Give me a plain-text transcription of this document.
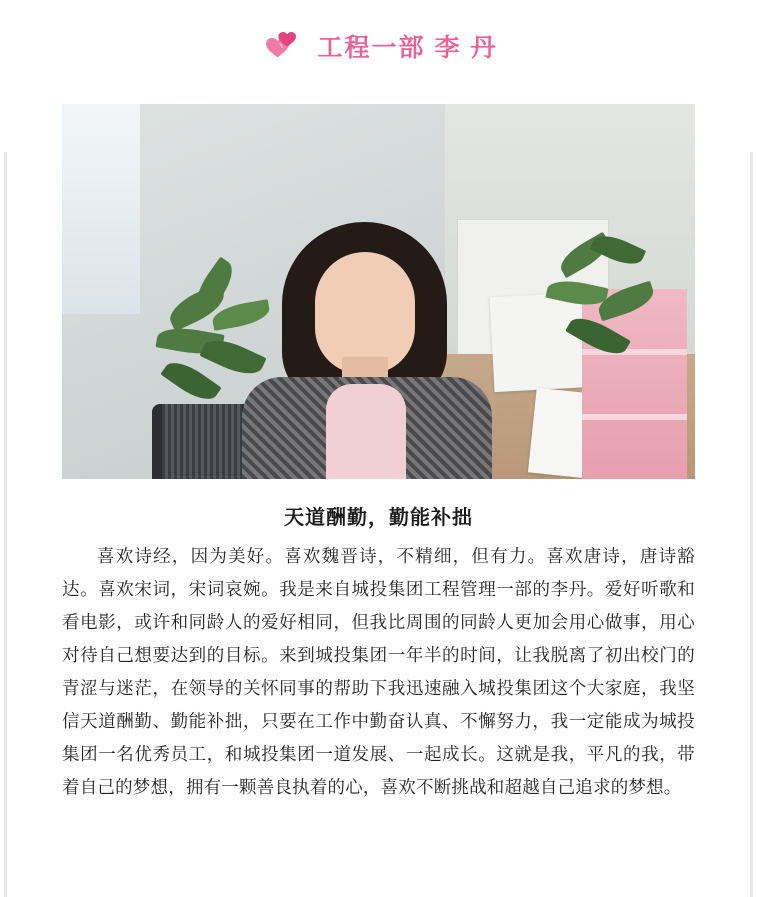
工程一部 李 丹
天道酬勤，勤能补拙

喜欢诗经，因为美好。喜欢魏晋诗，不精细，但有力。喜欢唐诗，唐诗豁达。喜欢宋词，宋词哀婉。我是来自城投集团工程管理一部的李丹。爱好听歌和看电影，或许和同龄人的爱好相同，但我比周围的同龄人更加会用心做事，用心对待自己想要达到的目标。来到城投集团一年半的时间，让我脱离了初出校门的青涩与迷茫，在领导的关怀同事的帮助下我迅速融入城投集团这个大家庭，我坚信天道酬勤、勤能补拙，只要在工作中勤奋认真、不懈努力，我一定能成为城投集团一名优秀员工，和城投集团一道发展、一起成长。这就是我，平凡的我，带着自己的梦想，拥有一颗善良执着的心，喜欢不断挑战和超越自己追求的梦想。
